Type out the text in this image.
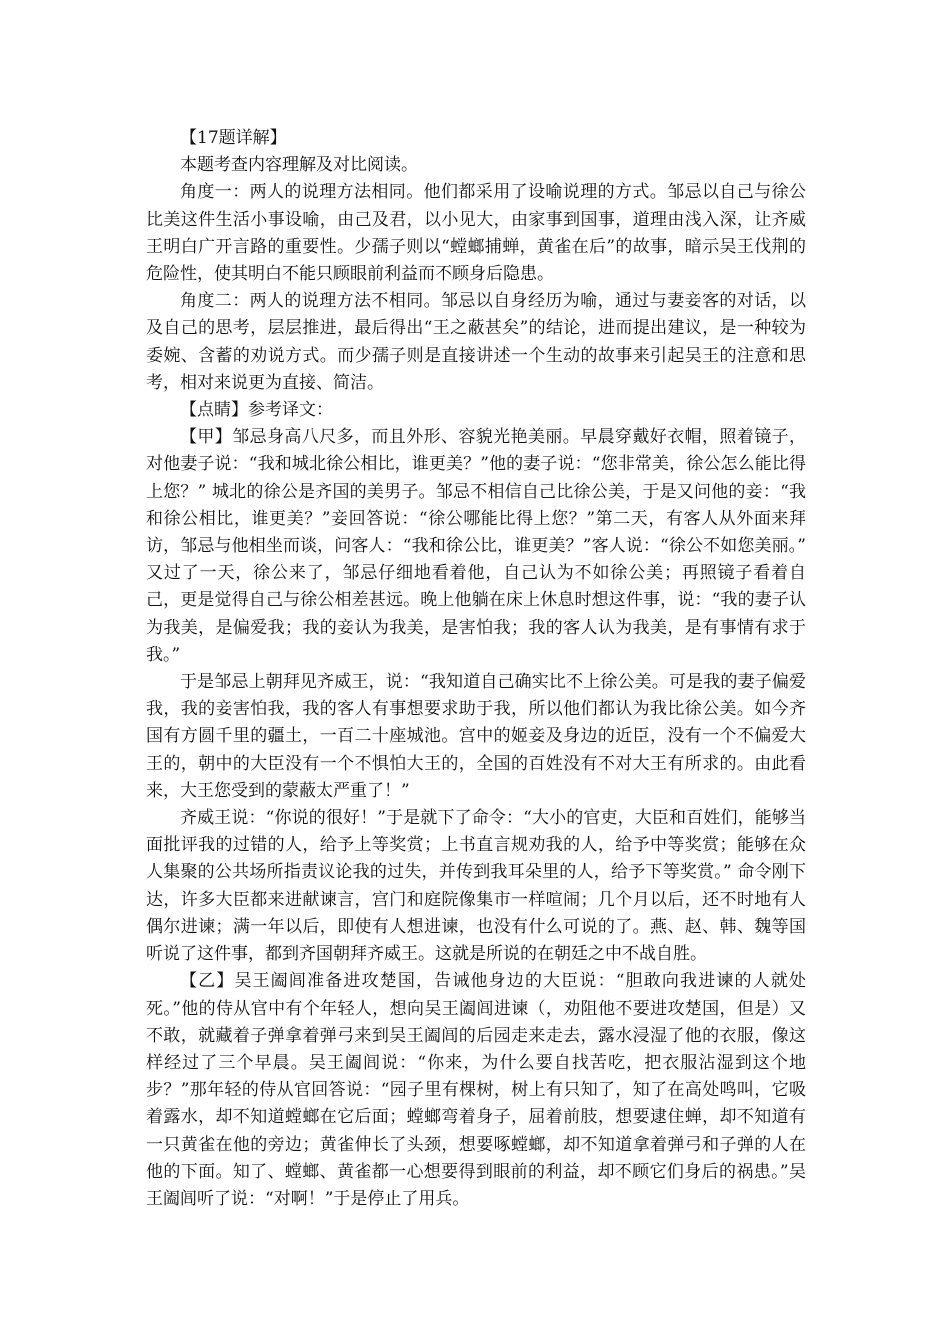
【17题详解】

本题考查内容理解及对比阅读。

角度一：两人的说理方法相同。他们都采用了设喻说理的方式。邹忌以自己与徐公比美这件生活小事设喻，由己及君，以小见大，由家事到国事，道理由浅入深，让齐威王明白广开言路的重要性。少孺子则以“螳螂捕蝉，黄雀在后”的故事，暗示吴王伐荆的危险性，使其明白不能只顾眼前利益而不顾身后隐患。

角度二：两人的说理方法不相同。邹忌以自身经历为喻，通过与妻妾客的对话，以及自己的思考，层层推进，最后得出“王之蔽甚矣”的结论，进而提出建议，是一种较为委婉、含蓄的劝说方式。而少孺子则是直接讲述一个生动的故事来引起吴王的注意和思考，相对来说更为直接、简洁。

【点睛】参考译文：

【甲】邹忌身高八尺多，而且外形、容貌光艳美丽。早晨穿戴好衣帽，照着镜子，对他妻子说：“我和城北徐公相比，谁更美？”他的妻子说：“您非常美，徐公怎么能比得上您？” 城北的徐公是齐国的美男子。邹忌不相信自己比徐公美，于是又问他的妾：“我和徐公相比，谁更美？”妾回答说：“徐公哪能比得上您？”第二天，有客人从外面来拜访，邹忌与他相坐而谈，问客人：“我和徐公比，谁更美？”客人说：“徐公不如您美丽。” 又过了一天，徐公来了，邹忌仔细地看着他，自己认为不如徐公美；再照镜子看着自己，更是觉得自己与徐公相差甚远。晚上他躺在床上休息时想这件事，说：“我的妻子认为我美，是偏爱我；我的妾认为我美，是害怕我；我的客人认为我美，是有事情有求于我。”

于是邹忌上朝拜见齐威王，说：“我知道自己确实比不上徐公美。可是我的妻子偏爱我，我的妾害怕我，我的客人有事想要求助于我，所以他们都认为我比徐公美。如今齐国有方圆千里的疆土，一百二十座城池。宫中的姬妾及身边的近臣，没有一个不偏爱大王的，朝中的大臣没有一个不惧怕大王的，全国的百姓没有不对大王有所求的。由此看来，大王您受到的蒙蔽太严重了！”

齐威王说：“你说的很好！”于是就下了命令：“大小的官吏，大臣和百姓们，能够当面批评我的过错的人，给予上等奖赏；上书直言规劝我的人，给予中等奖赏；能够在众人集聚的公共场所指责议论我的过失，并传到我耳朵里的人，给予下等奖赏。” 命令刚下达，许多大臣都来进献谏言，宫门和庭院像集市一样喧闹；几个月以后，还不时地有人偶尔进谏；满一年以后，即使有人想进谏，也没有什么可说的了。燕、赵、韩、魏等国听说了这件事，都到齐国朝拜齐威王。这就是所说的在朝廷之中不战自胜。

【乙】吴王阖闾准备进攻楚国，告诫他身边的大臣说：“胆敢向我进谏的人就处死。”他的侍从官中有个年轻人，想向吴王阖闾进谏（，劝阻他不要进攻楚国，但是）又不敢，就藏着子弹拿着弹弓来到吴王阖闾的后园走来走去，露水浸湿了他的衣服，像这样经过了三个早晨。吴王阖闾说：“你来，为什么要自找苦吃，把衣服沾湿到这个地步？”那年轻的侍从官回答说：“园子里有棵树，树上有只知了，知了在高处鸣叫，它吸着露水，却不知道螳螂在它后面；螳螂弯着身子，屈着前肢，想要逮住蝉，却不知道有一只黄雀在他的旁边；黄雀伸长了头颈，想要啄螳螂，却不知道拿着弹弓和子弹的人在他的下面。知了、螳螂、黄雀都一心想要得到眼前的利益，却不顾它们身后的祸患。”吴王阖闾听了说：“对啊！”于是停止了用兵。
